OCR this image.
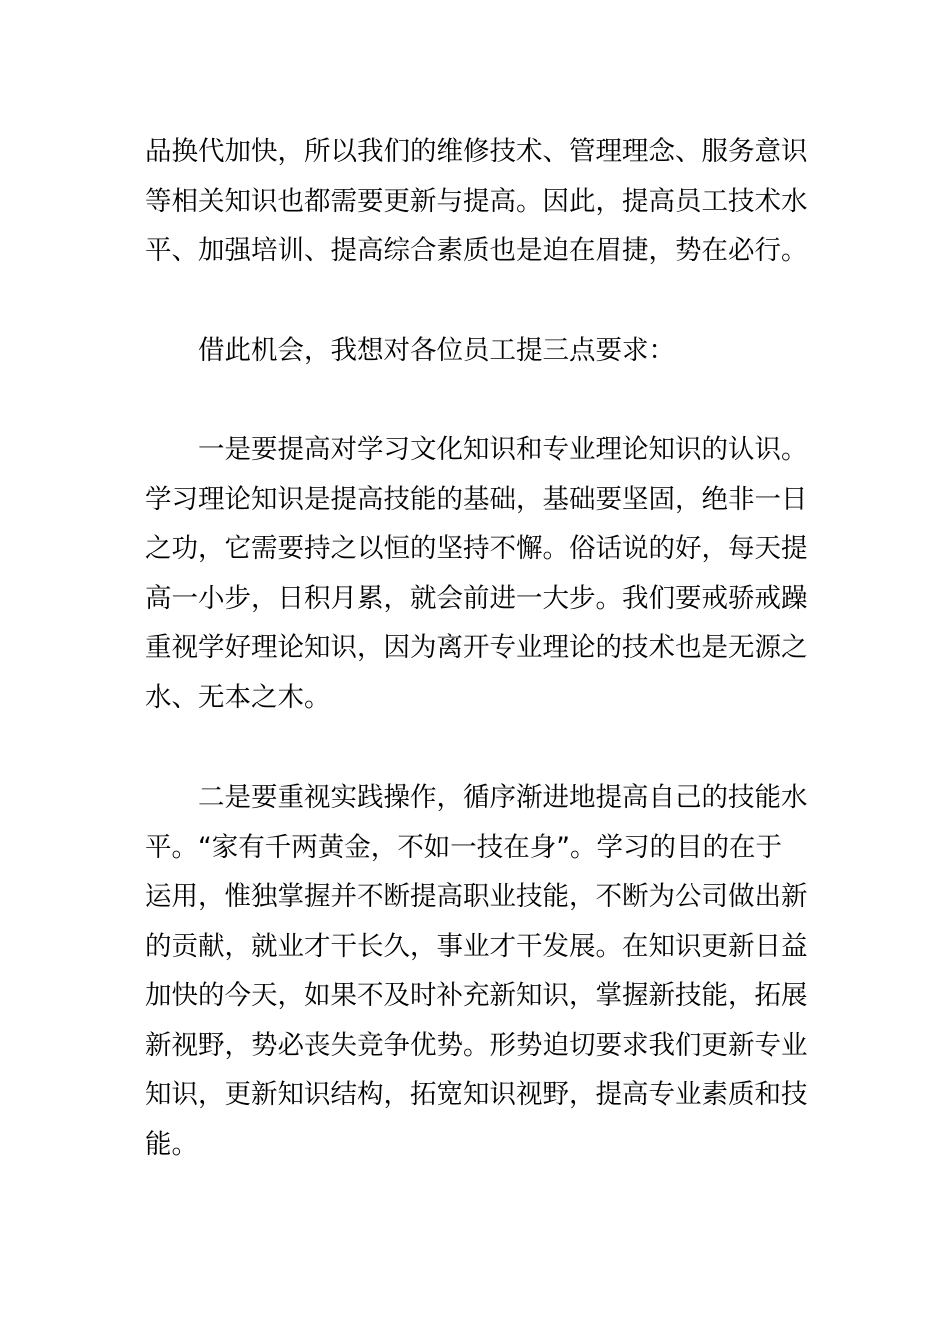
品换代加快，所以我们的维修技术、管理理念、服务意识
等相关知识也都需要更新与提高。因此，提高员工技术水
平、加强培训、提高综合素质也是迫在眉捷，势在必行。
借此机会，我想对各位员工提三点要求：
一是要提高对学习文化知识和专业理论知识的认识。
学习理论知识是提高技能的基础，基础要坚固，绝非一日
之功，它需要持之以恒的坚持不懈。俗话说的好，每天提
高一小步，日积月累，就会前进一大步。我们要戒骄戒躁
重视学好理论知识，因为离开专业理论的技术也是无源之
水、无本之木。
二是要重视实践操作，循序渐进地提高自己的技能水
平。“家有千两黄金，不如一技在身”。学习的目的在于
运用，惟独掌握并不断提高职业技能，不断为公司做出新
的贡献，就业才干长久，事业才干发展。在知识更新日益
加快的今天，如果不及时补充新知识，掌握新技能，拓展
新视野，势必丧失竞争优势。形势迫切要求我们更新专业
知识，更新知识结构，拓宽知识视野，提高专业素质和技
能。
